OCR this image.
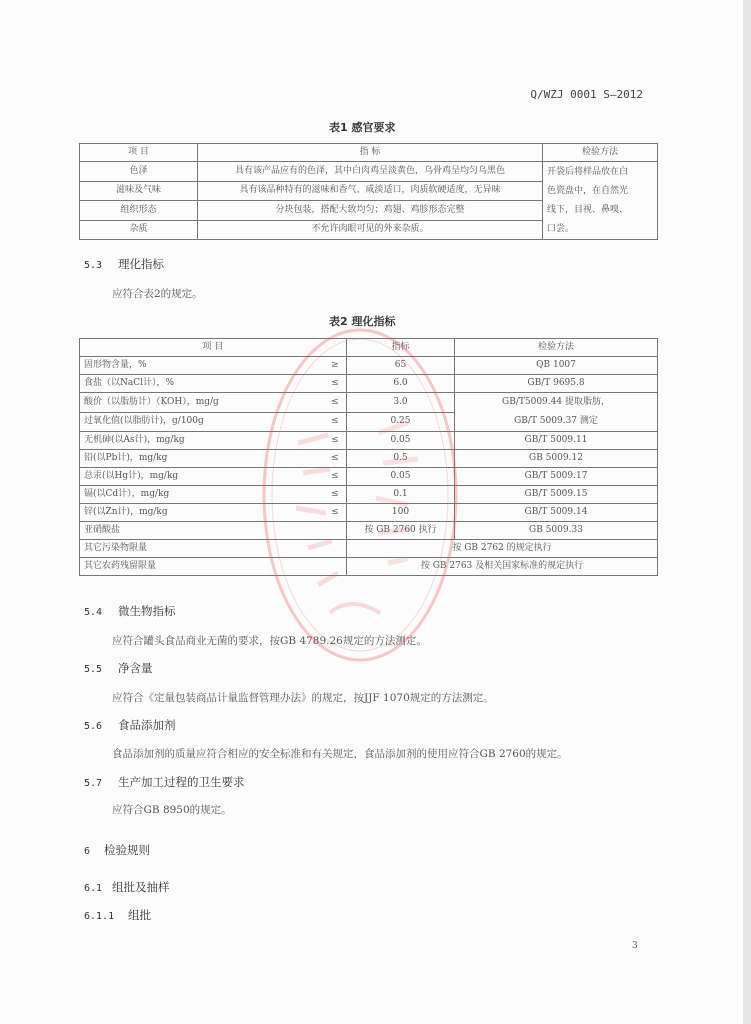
Q/WZJ 0001 S—2012
表1 感官要求
项 目	指 标	检验方法
色泽	具有该产品应有的色泽，其中白肉鸡呈淡黄色，乌骨鸡呈均匀乌黑色	开袋后将样品放在白
色瓷盘中，在自然光
线下，目视、鼻嗅、
口尝。

滋味及气味	具有该品种特有的滋味和香气、咸淡适口，肉质软硬适度，无异味	
组织形态	分块包装，搭配大致均匀；鸡翅、鸡胗形态完整	
杂质	不允许肉眼可见的外来杂质。	
5.3 理化指标
应符合表2的规定。
表2 理化指标
项 目		指标	检验方法
固形物含量，%	≥	65	QB 1007
食盐（以NaCl计），%	≤	6.0	GB/T 9695.8
酸价（以脂肪计）（KOH），mg/g	≤	3.0	GB/T5009.44 提取脂肪，
GB/T 5009.37 测定

过氧化值(以脂肪计)，g/100g	≤	0.25	
无机砷(以As计)，mg/kg	≤	0.05	GB/T 5009.11
铅(以Pb计)，mg/kg	≤	0.5	GB 5009.12
总汞(以Hg计)，mg/kg	≤	0.05	GB/T 5009.17
镉(以Cd计），mg/kg	≤	0.1	GB/T 5009.15
锌(以Zn计)，mg/kg	≤	100	GB/T 5009.14
亚硝酸盐		按 GB 2760 执行	GB 5009.33
其它污染物限量		按 GB 2762 的规定执行	
其它农药残留限量		按 GB 2763 及相关国家标准的规定执行	
5.4 微生物指标
应符合罐头食品商业无菌的要求，按GB 4789.26规定的方法测定。
5.5 净含量
应符合《定量包装商品计量监督管理办法》的规定，按JJF 1070规定的方法测定。
5.6 食品添加剂
食品添加剂的质量应符合相应的安全标准和有关规定，食品添加剂的使用应符合GB 2760的规定。
5.7 生产加工过程的卫生要求
应符合GB 8950的规定。
6 检验规则
6.1 组批及抽样
6.1.1 组批
3
